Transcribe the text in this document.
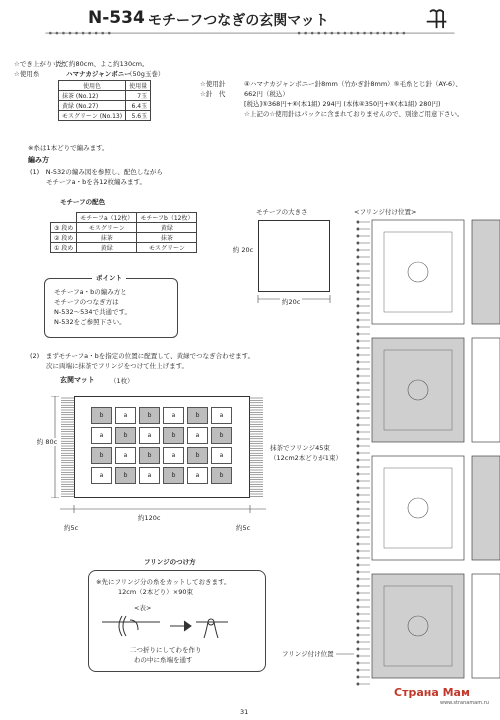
N-534 モチーフつなぎの玄関マット
☆でき上がり寸法
たて約80cm、よこ約130cm。
☆使用糸	ハマナカジャンボニー
（50g玉巻）
使用色	使用量
抹茶 (No.12)	7玉
黄緑 (No.27)	6.4玉
モスグリーン (No.13)	5.6玉
☆使用針	④ハマナカジャンボニー針8mm（竹かぎ針8mm）⑤毛糸とじ針（AY-6）、
662円（税込）
☆針　代
[税込]⑤368円+⑥(本1組) 294円 (本体④350円+⑤(本1組) 280円)
☆上記の☆使用針はパックに含まれておりませんので、別途ご用意下さい。
※糸は1本どりで編みます。
編み方
(1)　N-532の編み図を参照し、配色しながら
モチーフa・bを各12枚編みます。
モチーフの配色
	モチーフa（12枚）	モチーフb（12枚）
③ 段め	モスグリーン	黄緑
② 段め	抹茶	抹茶
① 段め	黄緑	モスグリーン
モチーフの大きさ
約 20c
約20c
ポイント
モチーフa・bの編み方と
モチーフのつなぎ方は
N-532〜534で共通です。
N-532をご参照下さい。
(2)　まずモチーフa・bを指定の位置に配置して、黄緑でつなぎ合わせます。
次に両端に抹茶でフリンジをつけて仕上げます。
玄関マット （1枚）
b	a	b	a	b	a
a	b	a	b	a	b
b	a	b	a	b	a
a	b	a	b	a	b
約 80c
約120c
約5c	約5c
抹茶でフリンジ45束
（12cm2本どりが1束）
フリンジのつけ方
※先にフリンジ分の糸をカットしておきます。
12cm（2本どり）×90束
<表>
二つ折りにしてわを作り
わの中に糸端を通す
<フリンジ付け位置>
フリンジ付け位置
31
Страна Мам
www.stranamam.ru
